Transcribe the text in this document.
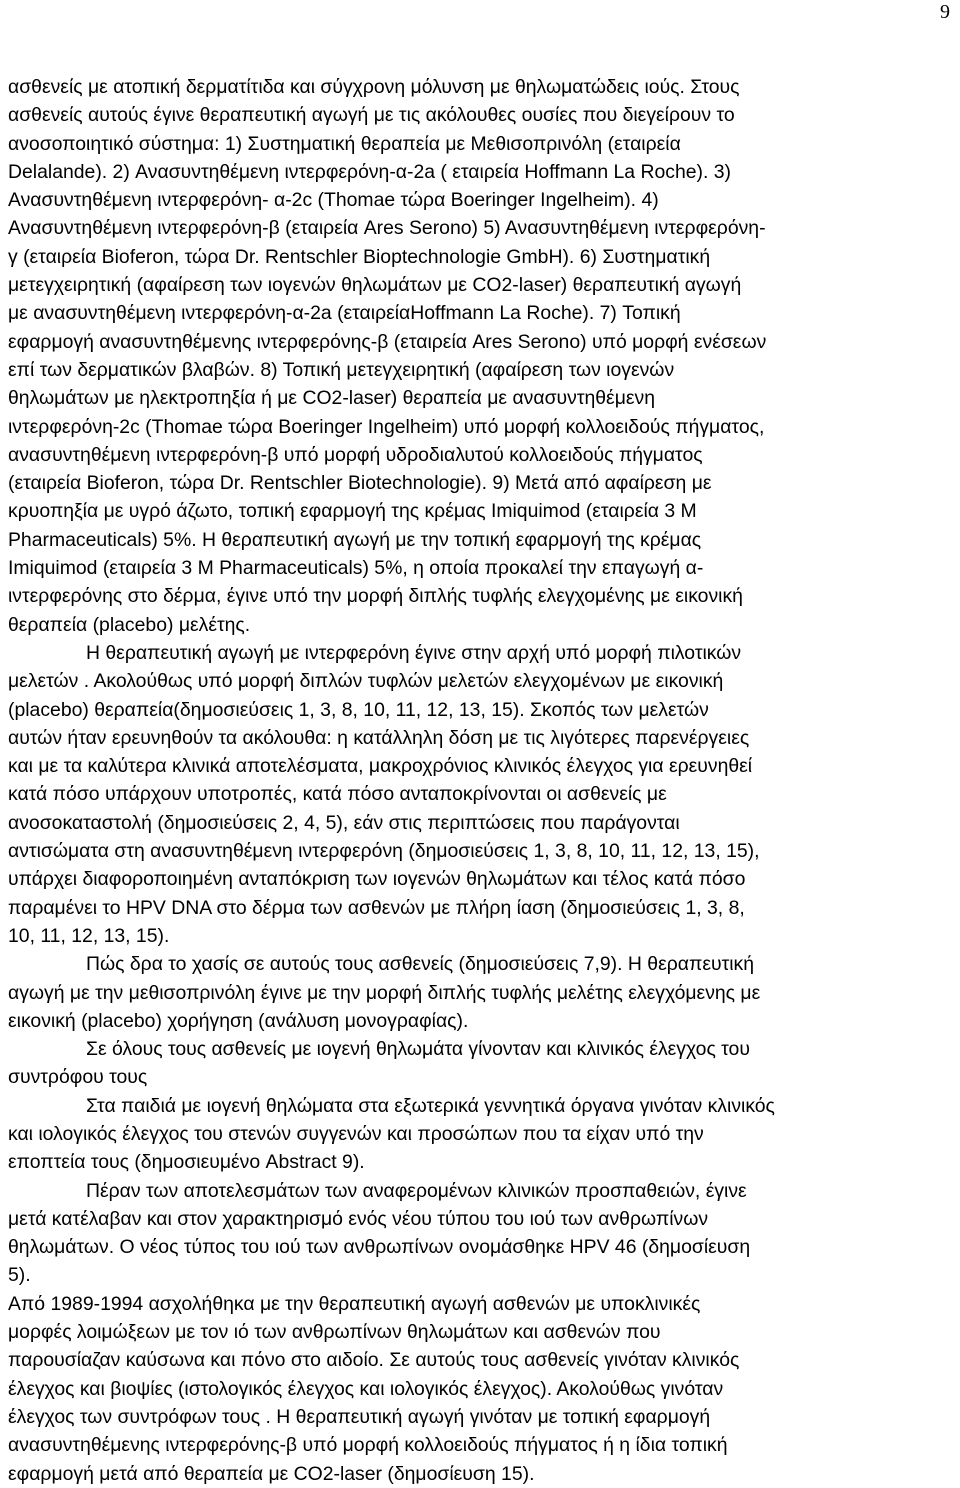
9

ασθενείς με ατοπική δερματίτιδα και σύγχρονη μόλυνση με θηλωματώδεις ιούς. Στους

ασθενείς αυτούς έγινε θεραπευτική αγωγή με τις ακόλουθες ουσίες που διεγείρουν το

ανοσοποιητικό σύστημα: 1) Συστηματική θεραπεία με Μεθισοπρινόλη (εταιρεία

Delalande). 2) Ανασυντηθέμενη ιντερφερόνη-α-2a ( εταιρεία Hoffmann La Roche). 3)

Ανασυντηθέμενη ιντερφερόνη- α-2c (Thomae τώρα Boeringer Ingelheim). 4)

Ανασυντηθέμενη ιντερφερόνη-β (εταιρεία Ares Serono) 5) Ανασυντηθέμενη ιντερφερόνη-

γ (εταιρεία Bioferon, τώρα Dr. Rentschler Bioptechnologie GmbH). 6) Συστηματική

μετεγχειρητική (αφαίρεση των ιογενών θηλωμάτων με CO2-laser) θεραπευτική αγωγή

με ανασυντηθέμενη ιντερφερόνη-α-2a (εταιρείαHoffmann La Roche). 7) Τοπική

εφαρμογή ανασυντηθέμενης ιντερφερόνης-β (εταιρεία Ares Serono) υπό μορφή ενέσεων

επί των δερματικών βλαβών. 8) Τοπική μετεγχειρητική (αφαίρεση των ιογενών

θηλωμάτων με ηλεκτροπηξία ή με CO2-laser) θεραπεία με ανασυντηθέμενη

ιντερφερόνη-2c (Thomae τώρα Boeringer Ingelheim) υπό μορφή κολλοειδούς πήγματος,

ανασυντηθέμενη ιντερφερόνη-β υπό μορφή υδροδιαλυτού κολλοειδούς πήγματος

(εταιρεία Bioferon, τώρα Dr. Rentschler Biotechnologie). 9) Μετά από αφαίρεση με

κρυοπηξία με υγρό άζωτο, τοπική εφαρμογή της κρέμας Imiquimod (εταιρεία 3 M

Pharmaceuticals) 5%. Η θεραπευτική αγωγή με την τοπική εφαρμογή της κρέμας

Imiquimod (εταιρεία 3 M Pharmaceuticals) 5%, η οποία προκαλεί την επαγωγή α-

ιντερφερόνης στο δέρμα, έγινε υπό την μορφή διπλής τυφλής ελεγχομένης με εικονική

θεραπεία (placebo) μελέτης.

Η θεραπευτική αγωγή με ιντερφερόνη έγινε στην αρχή υπό μορφή πιλοτικών

μελετών . Ακολούθως υπό μορφή διπλών τυφλών μελετών ελεγχομένων με εικονική

(placebo) θεραπεία(δημοσιεύσεις 1, 3, 8, 10, 11, 12, 13, 15). Σκοπός των μελετών

αυτών ήταν ερευνηθούν τα ακόλουθα: η κατάλληλη δόση με τις λιγότερες παρενέργειες

και με τα καλύτερα κλινικά αποτελέσματα, μακροχρόνιος κλινικός έλεγχος για ερευνηθεί

κατά πόσο υπάρχουν υποτροπές, κατά πόσο ανταποκρίνονται οι ασθενείς με

ανοσοκαταστολή (δημοσιεύσεις 2, 4, 5), εάν στις περιπτώσεις που παράγονται

αντισώματα στη ανασυντηθέμενη ιντερφερόνη (δημοσιεύσεις 1, 3, 8, 10, 11, 12, 13, 15),

υπάρχει διαφοροποιημένη ανταπόκριση των ιογενών θηλωμάτων και τέλος κατά πόσο

παραμένει το HPV DNA στο δέρμα των ασθενών με πλήρη ίαση (δημοσιεύσεις 1, 3, 8,

10, 11, 12, 13, 15).

Πώς δρα το χασίς σε αυτούς τους ασθενείς (δημοσιεύσεις 7,9). Η θεραπευτική

αγωγή με την μεθισοπρινόλη έγινε με την μορφή διπλής τυφλής μελέτης ελεγχόμενης με

εικονική (placebo) χορήγηση (ανάλυση μονογραφίας).

Σε όλους τους ασθενείς με ιογενή θηλωμάτα γίνονταν και κλινικός έλεγχος του

συντρόφου τους

Στα παιδιά με ιογενή θηλώματα στα εξωτερικά γεννητικά όργανα γινόταν κλινικός

και ιολογικός έλεγχος του στενών συγγενών και προσώπων που τα είχαν υπό την

εποπτεία τους (δημοσιευμένο Abstract 9).

Πέραν των αποτελεσμάτων των αναφερομένων κλινικών προσπαθειών, έγινε

μετά κατέλαβαν και στον χαρακτηρισμό ενός νέου τύπου του ιού των ανθρωπίνων

θηλωμάτων. Ο νέος τύπος του ιού των ανθρωπίνων ονομάσθηκε HPV 46 (δημοσίευση

5).

Από 1989-1994 ασχολήθηκα με την θεραπευτική αγωγή ασθενών με υποκλινικές

μορφές λοιμώξεων με τον ιό των ανθρωπίνων θηλωμάτων και ασθενών που

παρουσίαζαν καύσωνα και πόνο στο αιδοίο. Σε αυτούς τους ασθενείς γινόταν κλινικός

έλεγχος και βιοψίες (ιστολογικός έλεγχος και ιολογικός έλεγχος). Ακολούθως γινόταν

έλεγχος των συντρόφων τους . Η θεραπευτική αγωγή γινόταν με τοπική εφαρμογή

ανασυντηθέμενης ιντερφερόνης-β υπό μορφή κολλοειδούς πήγματος ή η ίδια τοπική

εφαρμογή μετά από θεραπεία με CO2-laser (δημοσίευση 15).
